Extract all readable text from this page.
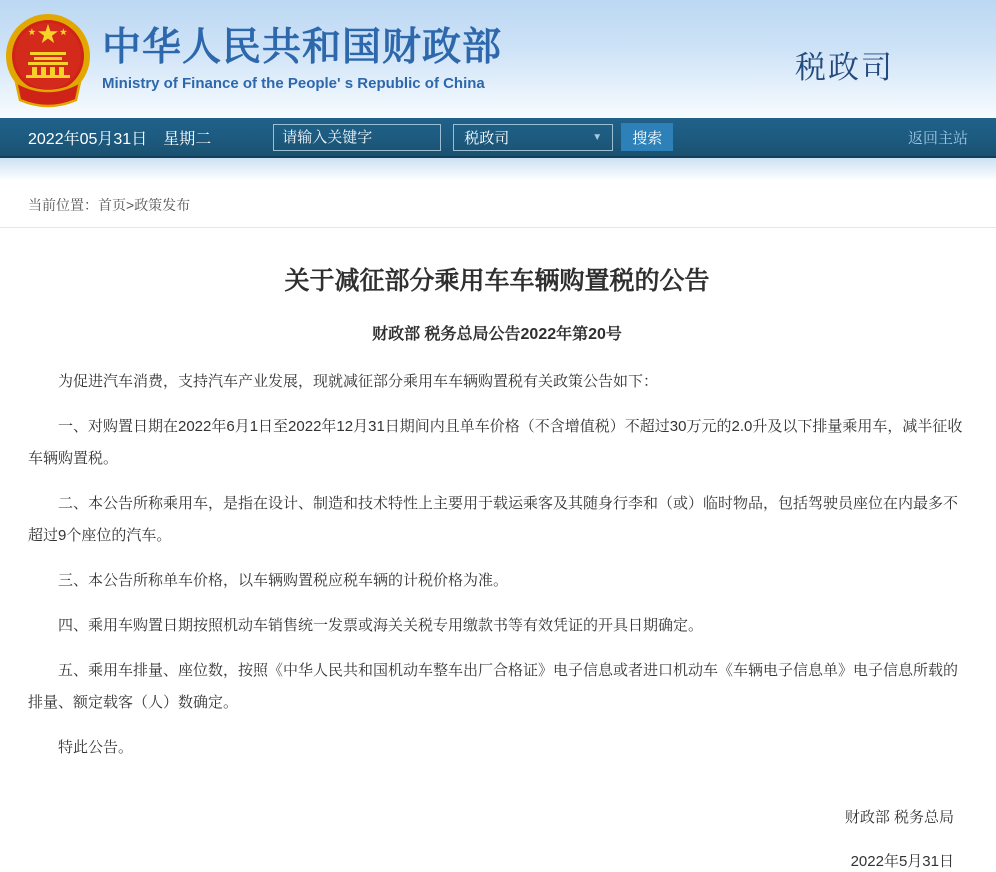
中华人民共和国财政部
Ministry of Finance of the People' s Republic of China	税政司
2022年05月31日　星期二
请输入关键字	税政司	▼	搜索	返回主站
当前位置：首页>政策发布
关于减征部分乘用车车辆购置税的公告
财政部 税务总局公告2022年第20号

为促进汽车消费，支持汽车产业发展，现就减征部分乘用车车辆购置税有关政策公告如下：

一、对购置日期在2022年6月1日至2022年12月31日期间内且单车价格（不含增值税）不超过30万元的2.0升及以下排量乘用车，减半征收车辆购置税。

二、本公告所称乘用车，是指在设计、制造和技术特性上主要用于载运乘客及其随身行李和（或）临时物品，包括驾驶员座位在内最多不超过9个座位的汽车。

三、本公告所称单车价格，以车辆购置税应税车辆的计税价格为准。

四、乘用车购置日期按照机动车销售统一发票或海关关税专用缴款书等有效凭证的开具日期确定。

五、乘用车排量、座位数，按照《中华人民共和国机动车整车出厂合格证》电子信息或者进口机动车《车辆电子信息单》电子信息所载的排量、额定载客（人）数确定。

特此公告。

财政部 税务总局
2022年5月31日
